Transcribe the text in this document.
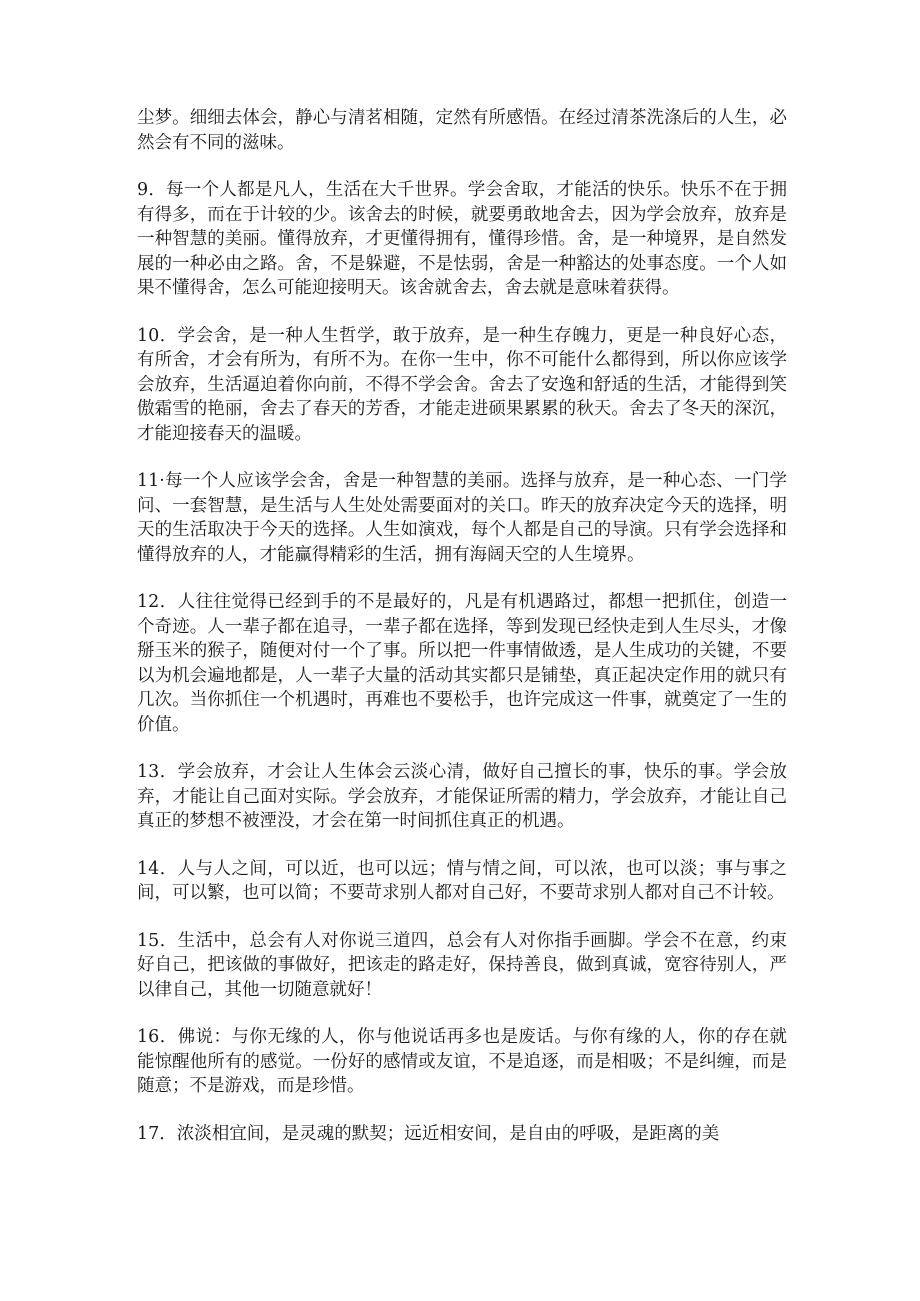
尘梦。细细去体会，静心与清茗相随，定然有所感悟。在经过清茶洗涤后的人生，必然会有不同的滋味。

9．每一个人都是凡人，生活在大千世界。学会舍取，才能活的快乐。快乐不在于拥有得多，而在于计较的少。该舍去的时候，就要勇敢地舍去，因为学会放弃，放弃是一种智慧的美丽。懂得放弃，才更懂得拥有，懂得珍惜。舍，是一种境界，是自然发展的一种必由之路。舍，不是躲避，不是怯弱，舍是一种豁达的处事态度。一个人如果不懂得舍，怎么可能迎接明天。该舍就舍去，舍去就是意味着获得。

10．学会舍，是一种人生哲学，敢于放弃，是一种生存魄力，更是一种良好心态，有所舍，才会有所为，有所不为。在你一生中，你不可能什么都得到，所以你应该学会放弃，生活逼迫着你向前，不得不学会舍。舍去了安逸和舒适的生活，才能得到笑傲霜雪的艳丽，舍去了春天的芳香，才能走进硕果累累的秋天。舍去了冬天的深沉，才能迎接春天的温暖。

11·每一个人应该学会舍，舍是一种智慧的美丽。选择与放弃，是一种心态、一门学问、一套智慧，是生活与人生处处需要面对的关口。昨天的放弃决定今天的选择，明天的生活取决于今天的选择。人生如演戏，每个人都是自己的导演。只有学会选择和懂得放弃的人，才能赢得精彩的生活，拥有海阔天空的人生境界。

12．人往往觉得已经到手的不是最好的，凡是有机遇路过，都想一把抓住，创造一个奇迹。人一辈子都在追寻，一辈子都在选择，等到发现已经快走到人生尽头，才像掰玉米的猴子，随便对付一个了事。所以把一件事情做透，是人生成功的关键，不要以为机会遍地都是，人一辈子大量的活动其实都只是铺垫，真正起决定作用的就只有几次。当你抓住一个机遇时，再难也不要松手，也许完成这一件事，就奠定了一生的价值。

13．学会放弃，才会让人生体会云淡心清，做好自己擅长的事，快乐的事。学会放弃，才能让自己面对实际。学会放弃，才能保证所需的精力，学会放弃，才能让自己真正的梦想不被湮没，才会在第一时间抓住真正的机遇。

14．人与人之间，可以近，也可以远；情与情之间，可以浓，也可以淡；事与事之间，可以繁，也可以简；不要苛求别人都对自己好，不要苛求别人都对自己不计较。

15．生活中，总会有人对你说三道四，总会有人对你指手画脚。学会不在意，约束好自己，把该做的事做好，把该走的路走好，保持善良，做到真诚，宽容待别人，严以律自己，其他一切随意就好！

16．佛说：与你无缘的人，你与他说话再多也是废话。与你有缘的人，你的存在就能惊醒他所有的感觉。一份好的感情或友谊，不是追逐，而是相吸；不是纠缠，而是随意；不是游戏，而是珍惜。

17．浓淡相宜间，是灵魂的默契；远近相安间，是自由的呼吸，是距离的美
